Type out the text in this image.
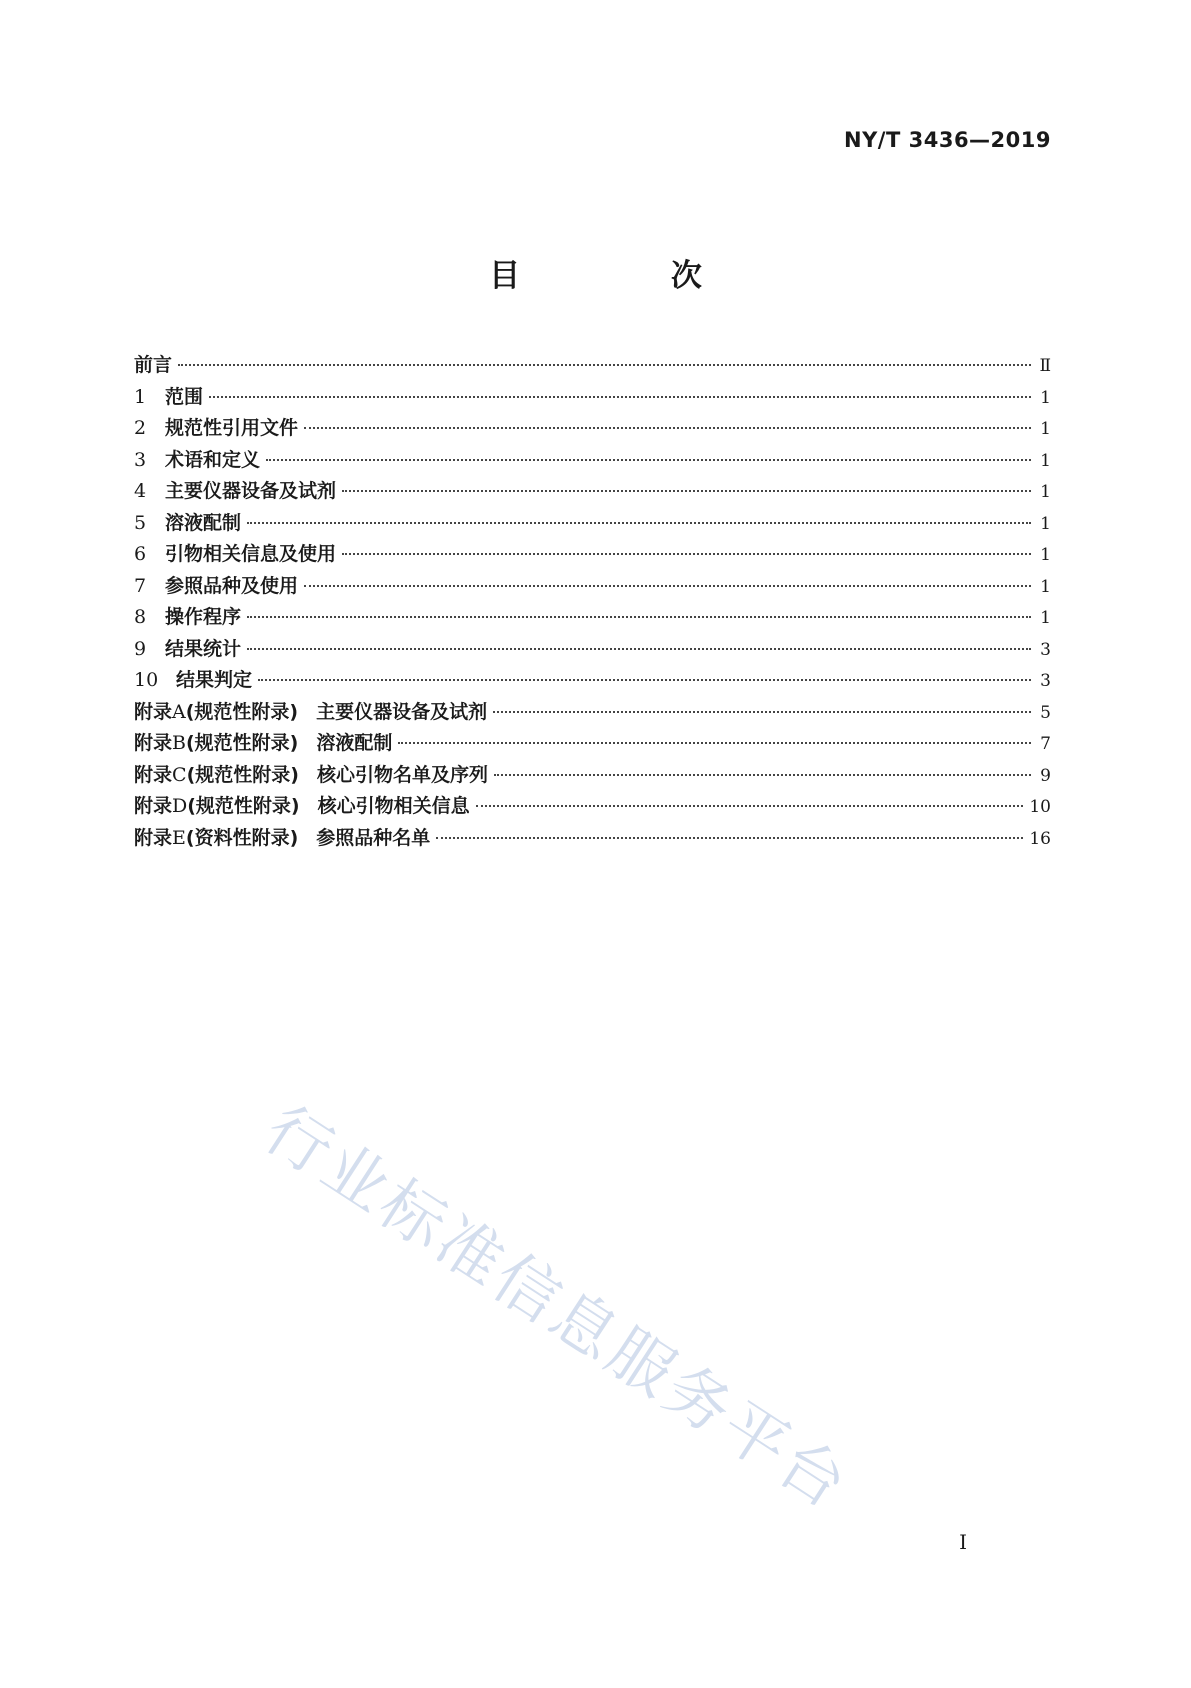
NY/T 3436—2019
目 次
前言	Ⅱ
1 范围	1
2 规范性引用文件	1
3 术语和定义	1
4 主要仪器设备及试剂	1
5 溶液配制	1
6 引物相关信息及使用	1
7 参照品种及使用	1
8 操作程序	1
9 结果统计	3
10 结果判定	3
附录 A (规范性附录) 主要仪器设备及试剂	5
附录 B (规范性附录) 溶液配制	7
附录 C (规范性附录) 核心引物名单及序列	9
附录 D (规范性附录) 核心引物相关信息	10
附录 E (资料性附录) 参照品种名单	16
行业标准信息服务平台
I
